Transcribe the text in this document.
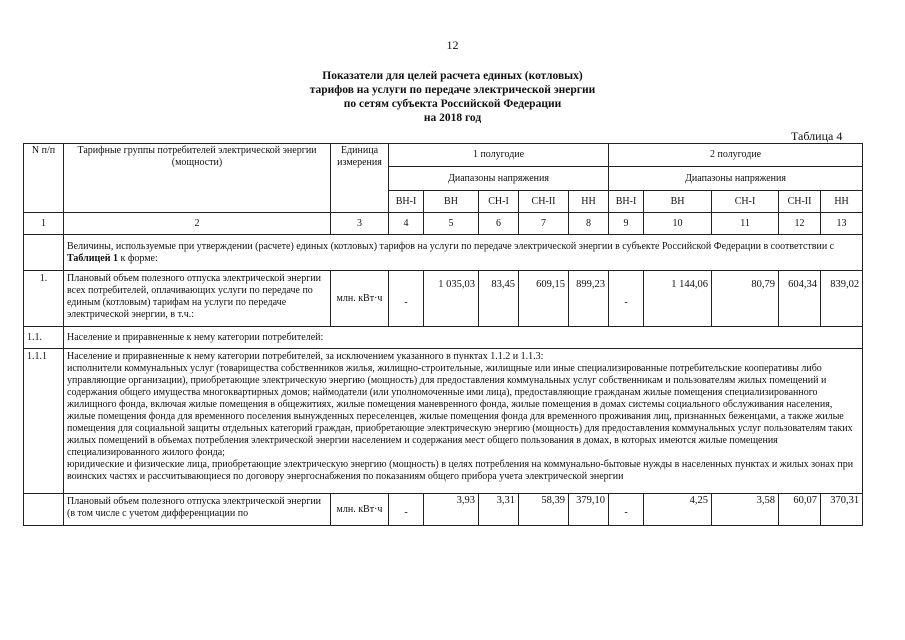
12
Показатели для целей расчета единых (котловых)
тарифов на услуги по передаче электрической энергии
по сетям субъекта Российской Федерации
на 2018 год
Таблица 4
N п/п	Тарифные группы потребителей электрической энергии (мощности)	Единица измерения	1 полугодие					2 полугодие				
			Диапазоны напряжения					Диапазоны напряжения				
			ВН-I	ВН	СН-I	СН-II	НН	ВН-I	ВН	СН-I	СН-II	НН
1	2	3	4	5	6	7	8	9	10	11	12	13
	Величины, используемые при утверждении (расчете) единых (котловых) тарифов на услуги по передаче электрической энергии в субъекте Российской Федерации в соответствии с Таблицей 1 к форме:											
1.	Плановый объем полезного отпуска электрической энергии всех потребителей, оплачивающих услуги по передаче по единым (котловым) тарифам на услуги по передаче электрической энергии, в т.ч.:	млн. кВт·ч	-	1 035,03	83,45	609,15	899,23	-	1 144,06	80,79	604,34	839,02
1.1.	Население и приравненные к нему категории потребителей:											
1.1.1	Население и приравненные к нему категории потребителей, за исключением указанного в пунктах 1.1.2 и 1.1.3:
исполнители коммунальных услуг (товарищества собственников жилья, жилищно-строительные, жилищные или иные специализированные потребительские кооперативы либо управляющие организации), приобретающие электрическую энергию (мощность) для предоставления коммунальных услуг собственникам и пользователям жилых помещений и содержания общего имущества многоквартирных домов; наймодатели (или уполномоченные ими лица), предоставляющие гражданам жилые помещения специализированного жилищного фонда, включая жилые помещения в общежитиях, жилые помещения маневренного фонда, жилые помещения в домах системы социального обслуживания населения, жилые помещения фонда для временного поселения вынужденных переселенцев, жилые помещения фонда для временного проживания лиц, признанных беженцами, а также жилые помещения для социальной защиты отдельных категорий граждан, приобретающие электрическую энергию (мощность) для предоставления коммунальных услуг пользователям таких жилых помещений в объемах потребления электрической энергии населением и содержания мест общего пользования в домах, в которых имеются жилые помещения специализированного жилого фонда;
юридические и физические лица, приобретающие электрическую энергию (мощность) в целях потребления на коммунально-бытовые нужды в населенных пунктах и жилых зонах при воинских частях и рассчитывающиеся по договору энергоснабжения по показаниям общего прибора учета электрической энергии											

	Плановый объем полезного отпуска электрической энергии (в том числе с учетом дифференциации по	млн. кВт·ч	-	3,93	3,31	58,39	379,10	-	4,25	3,58	60,07	370,31
